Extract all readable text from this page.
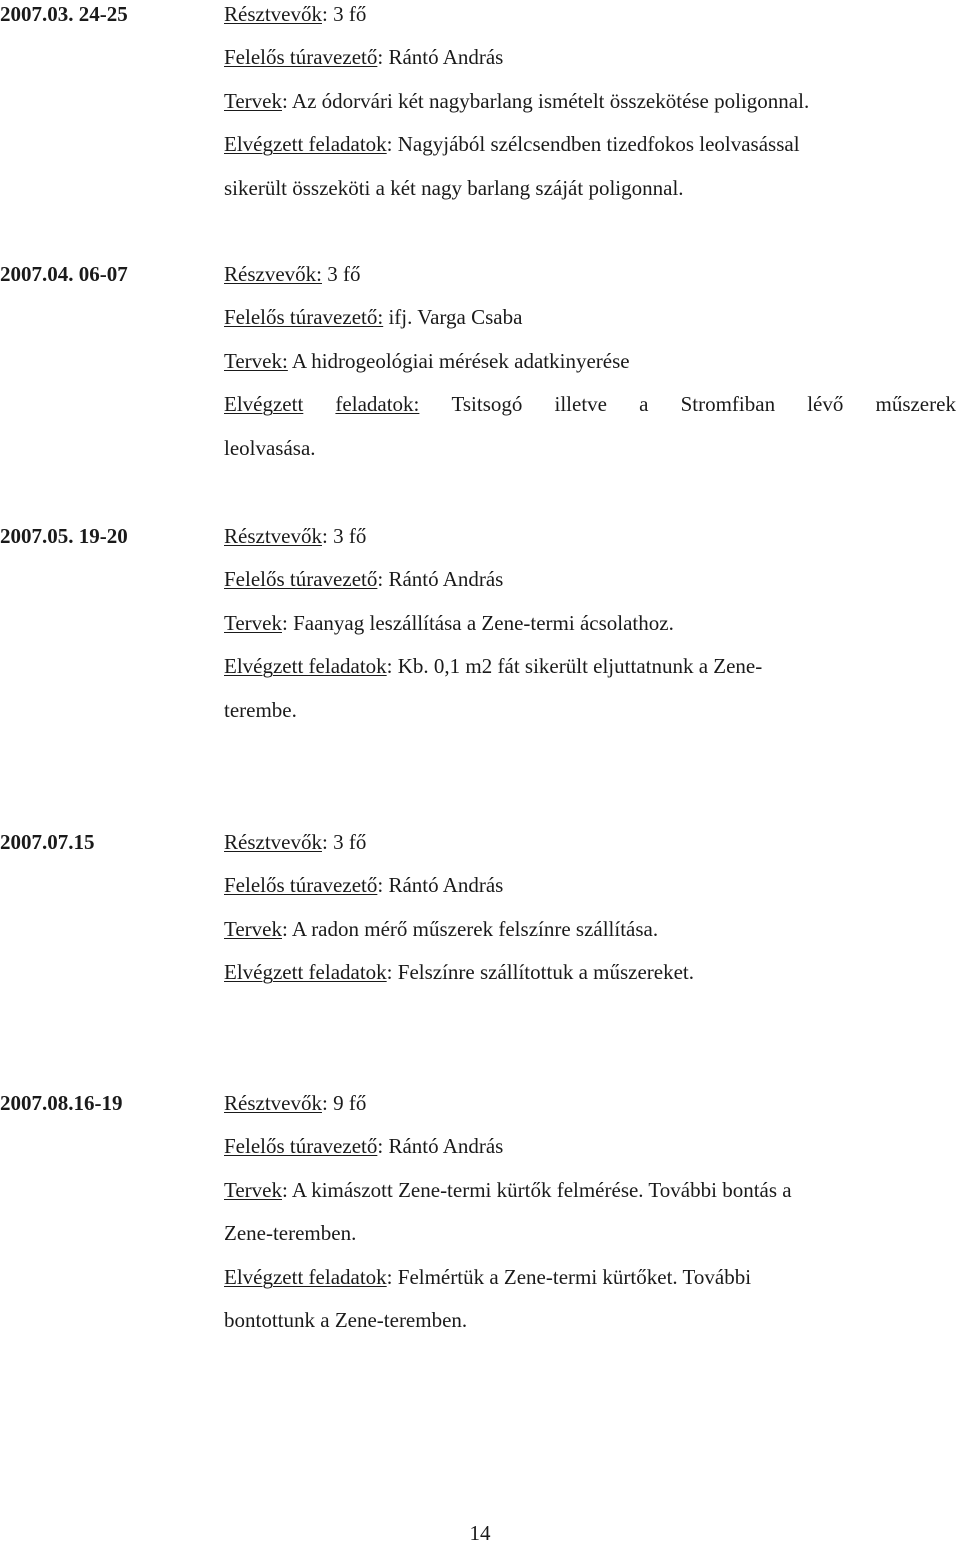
2007.03. 24-25	Résztvevők: 3 fő
Felelős túravezető: Rántó András
Tervek: Az ódorvári két nagybarlang ismételt összekötése poligonnal.
Elvégzett feladatok: Nagyjából szélcsendben tizedfokos leolvasással
sikerült összeköti a két nagy barlang száját poligonnal.
2007.04. 06-07	Részvevők: 3 fő
Felelős túravezető: ifj. Varga Csaba
Tervek: A hidrogeológiai mérések adatkinyerése
Elvégzett feladatok: Tsitsogó illetve a Stromfiban lévő műszerek
leolvasása.
2007.05. 19-20	Résztvevők: 3 fő
Felelős túravezető: Rántó András
Tervek: Faanyag leszállítása a Zene-termi ácsolathoz.
Elvégzett feladatok: Kb. 0,1 m2 fát sikerült eljuttatnunk a Zene-
terembe.
2007.07.15	Résztvevők: 3 fő
Felelős túravezető: Rántó András
Tervek: A radon mérő műszerek felszínre szállítása.
Elvégzett feladatok: Felszínre szállítottuk a műszereket.
2007.08.16-19	Résztvevők: 9 fő
Felelős túravezető: Rántó András
Tervek: A kimászott Zene-termi kürtők felmérése. További bontás a
Zene-teremben.
Elvégzett feladatok: Felmértük a Zene-termi kürtőket. További
bontottunk a Zene-teremben.
14
